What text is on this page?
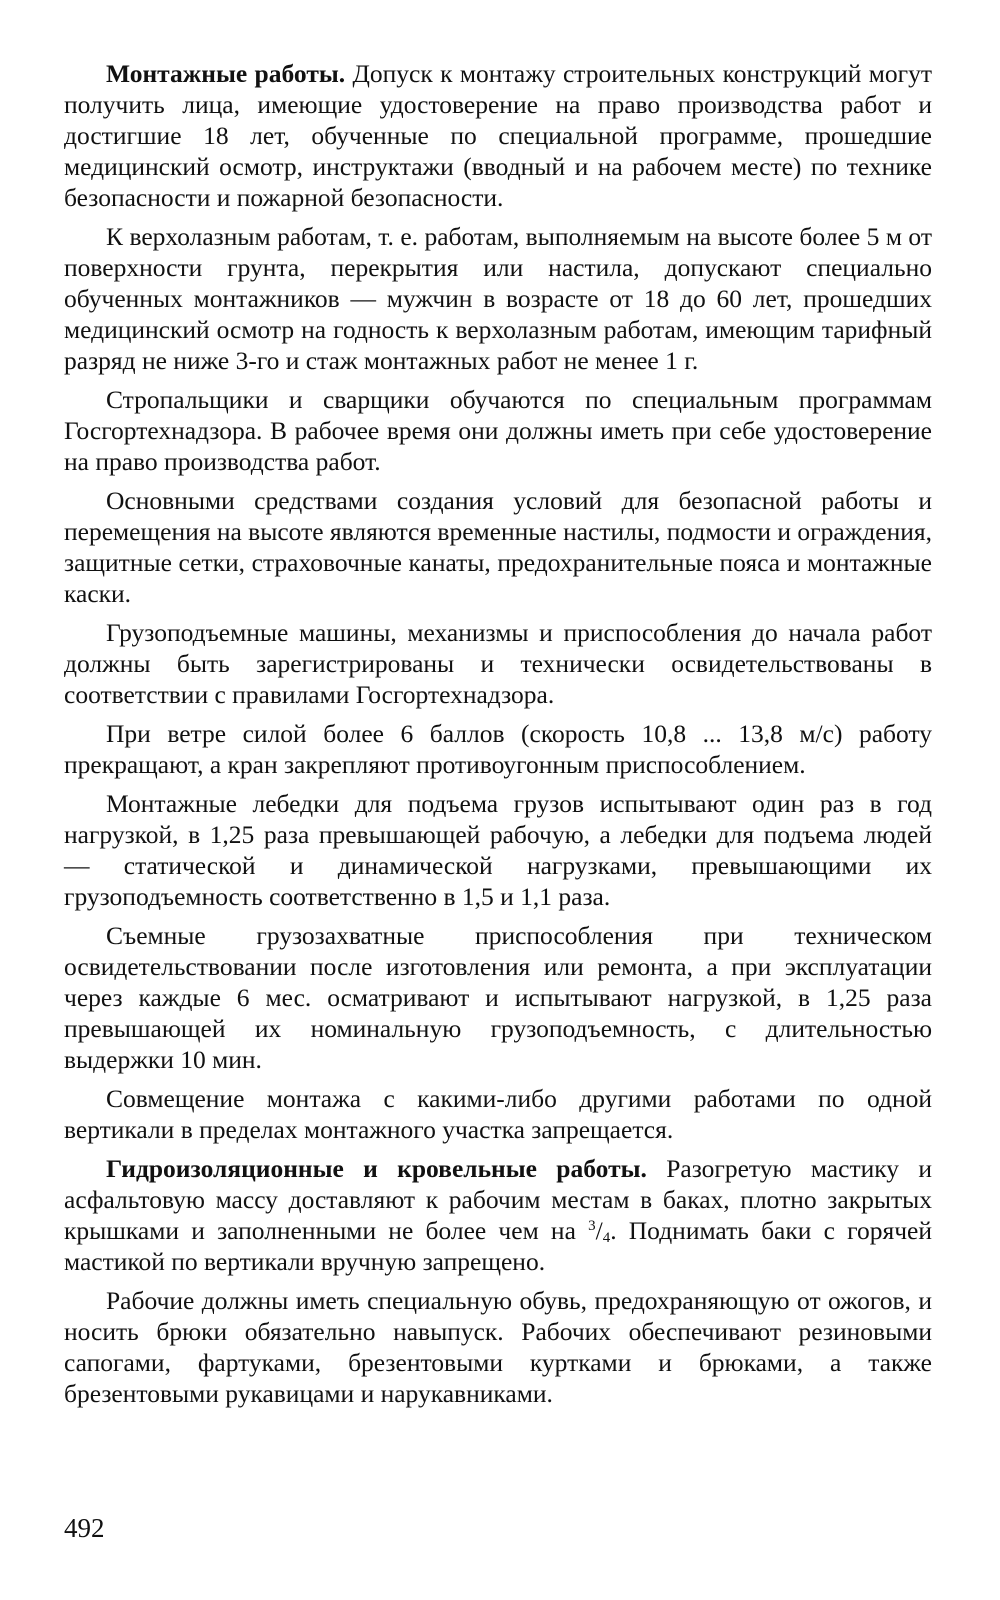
Монтажные работы. Допуск к монтажу строительных конструкций могут получить лица, имеющие удостоверение на право производства работ и достигшие 18 лет, обученные по специальной программе, прошедшие медицинский осмотр, инструктажи (вводный и на рабочем месте) по технике безопасности и пожарной безопасности.

К верхолазным работам, т. е. работам, выполняемым на высоте более 5 м от поверхности грунта, перекрытия или настила, допускают специально обученных монтажников — мужчин в возрасте от 18 до 60 лет, прошедших медицинский осмотр на годность к верхолазным работам, имеющим тарифный разряд не ниже 3-го и стаж монтажных работ не менее 1 г.

Стропальщики и сварщики обучаются по специальным программам Госгортехнадзора. В рабочее время они должны иметь при себе удостоверение на право производства работ.

Основными средствами создания условий для безопасной работы и перемещения на высоте являются временные настилы, подмости и ограждения, защитные сетки, страховочные канаты, предохранительные пояса и монтажные каски.

Грузоподъемные машины, механизмы и приспособления до начала работ должны быть зарегистрированы и технически освидетельствованы в соответствии с правилами Госгортехнадзора.

При ветре силой более 6 баллов (скорость 10,8 ... 13,8 м/с) работу прекращают, а кран закрепляют противоугонным приспособлением.

Монтажные лебедки для подъема грузов испытывают один раз в год нагрузкой, в 1,25 раза превышающей рабочую, а лебедки для подъема людей — статической и динамической нагрузками, превышающими их грузоподъемность соответственно в 1,5 и 1,1 раза.

Съемные грузозахватные приспособления при техническом освидетельствовании после изготовления или ремонта, а при эксплуатации через каждые 6 мес. осматривают и испытывают нагрузкой, в 1,25 раза превышающей их номинальную грузоподъемность, с длительностью выдержки 10 мин.

Совмещение монтажа с какими-либо другими работами по одной вертикали в пределах монтажного участка запрещается.

Гидроизоляционные и кровельные работы. Разогретую мастику и асфальтовую массу доставляют к рабочим местам в баках, плотно закрытых крышками и заполненными не более чем на $^3/_4$. Поднимать баки с горячей мастикой по вертикали вручную запрещено.

Рабочие должны иметь специальную обувь, предохраняющую от ожогов, и носить брюки обязательно навыпуск. Рабочих обеспечивают резиновыми сапогами, фартуками, брезентовыми куртками и брюками, а также брезентовыми рукавицами и нарукавниками.

492
